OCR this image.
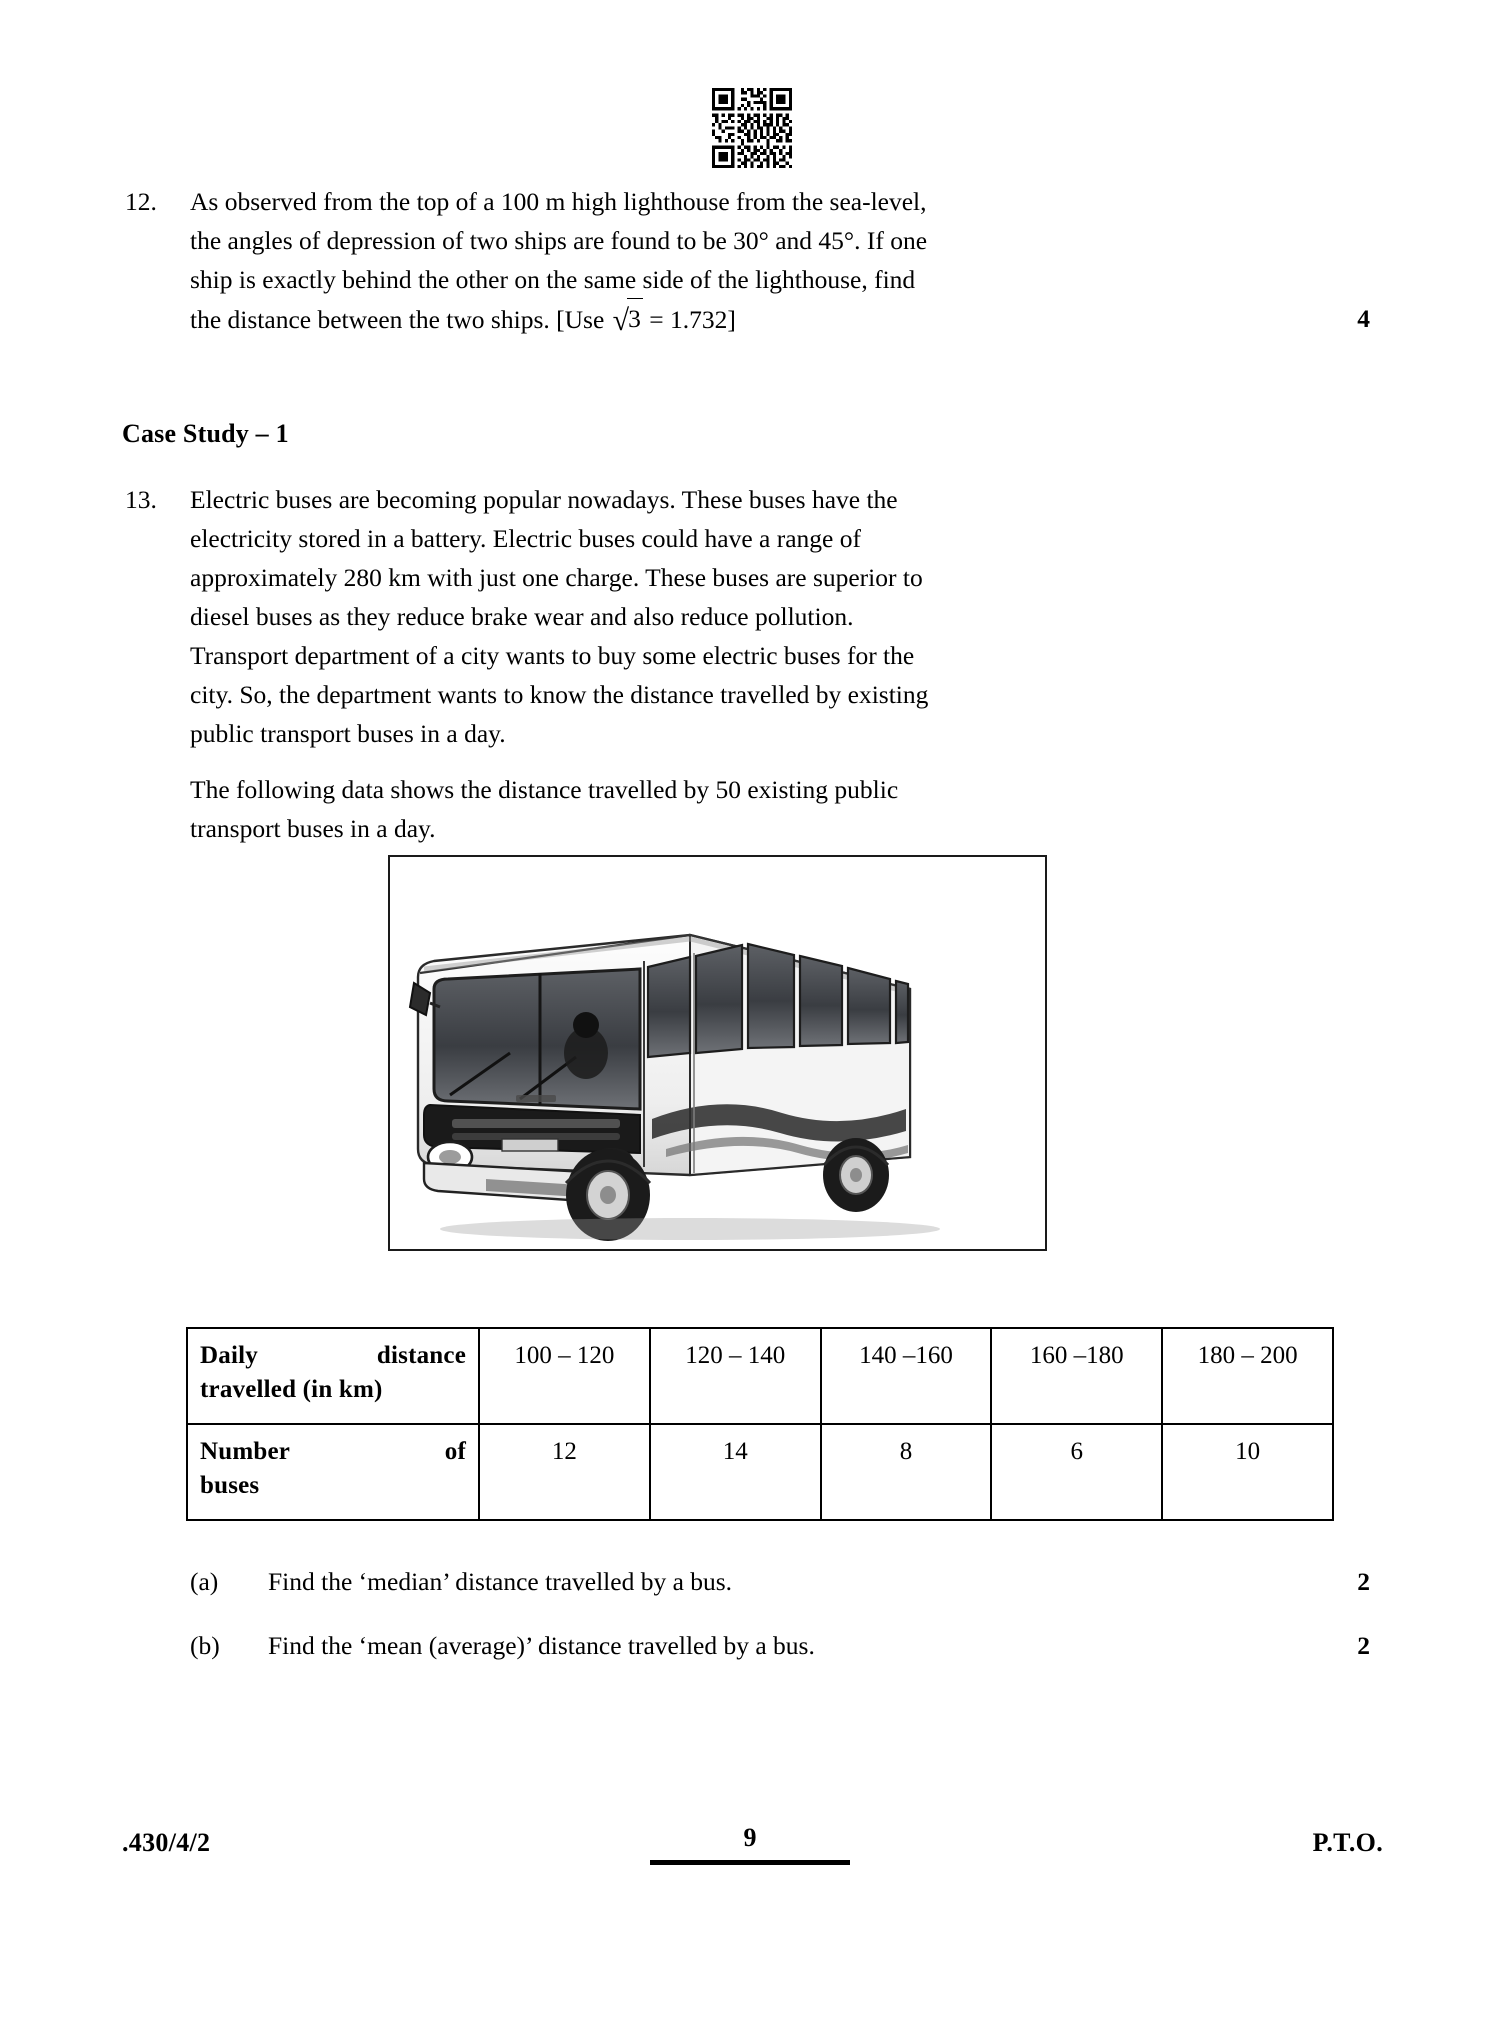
12.	As observed from the top of a 100 m high lighthouse from the sea-level,

the angles of depression of two ships are found to be 30° and 45°. If one

ship is exactly behind the other on the same side of the lighthouse, find

the distance between the two ships. [Use √3 = 1.732]	4
Case Study – 1
13.	Electric buses are becoming popular nowadays. These buses have the

electricity stored in a battery. Electric buses could have a range of

approximately 280 km with just one charge. These buses are superior to

diesel buses as they reduce brake wear and also reduce pollution.

Transport department of a city wants to buy some electric buses for the

city. So, the department wants to know the distance travelled by existing

public transport buses in a day.

The following data shows the distance travelled by 50 existing public

transport buses in a day.

Daily distance
travelled (in km)	100 – 120	120 – 140	140 –160	160 –180	180 – 200
Number of
buses	12	14	8	6	10
(a)	Find the ‘median’ distance travelled by a bus.	2
(b)	Find the ‘mean (average)’ distance travelled by a bus.	2
.430/4/2	9	P.T.O.
